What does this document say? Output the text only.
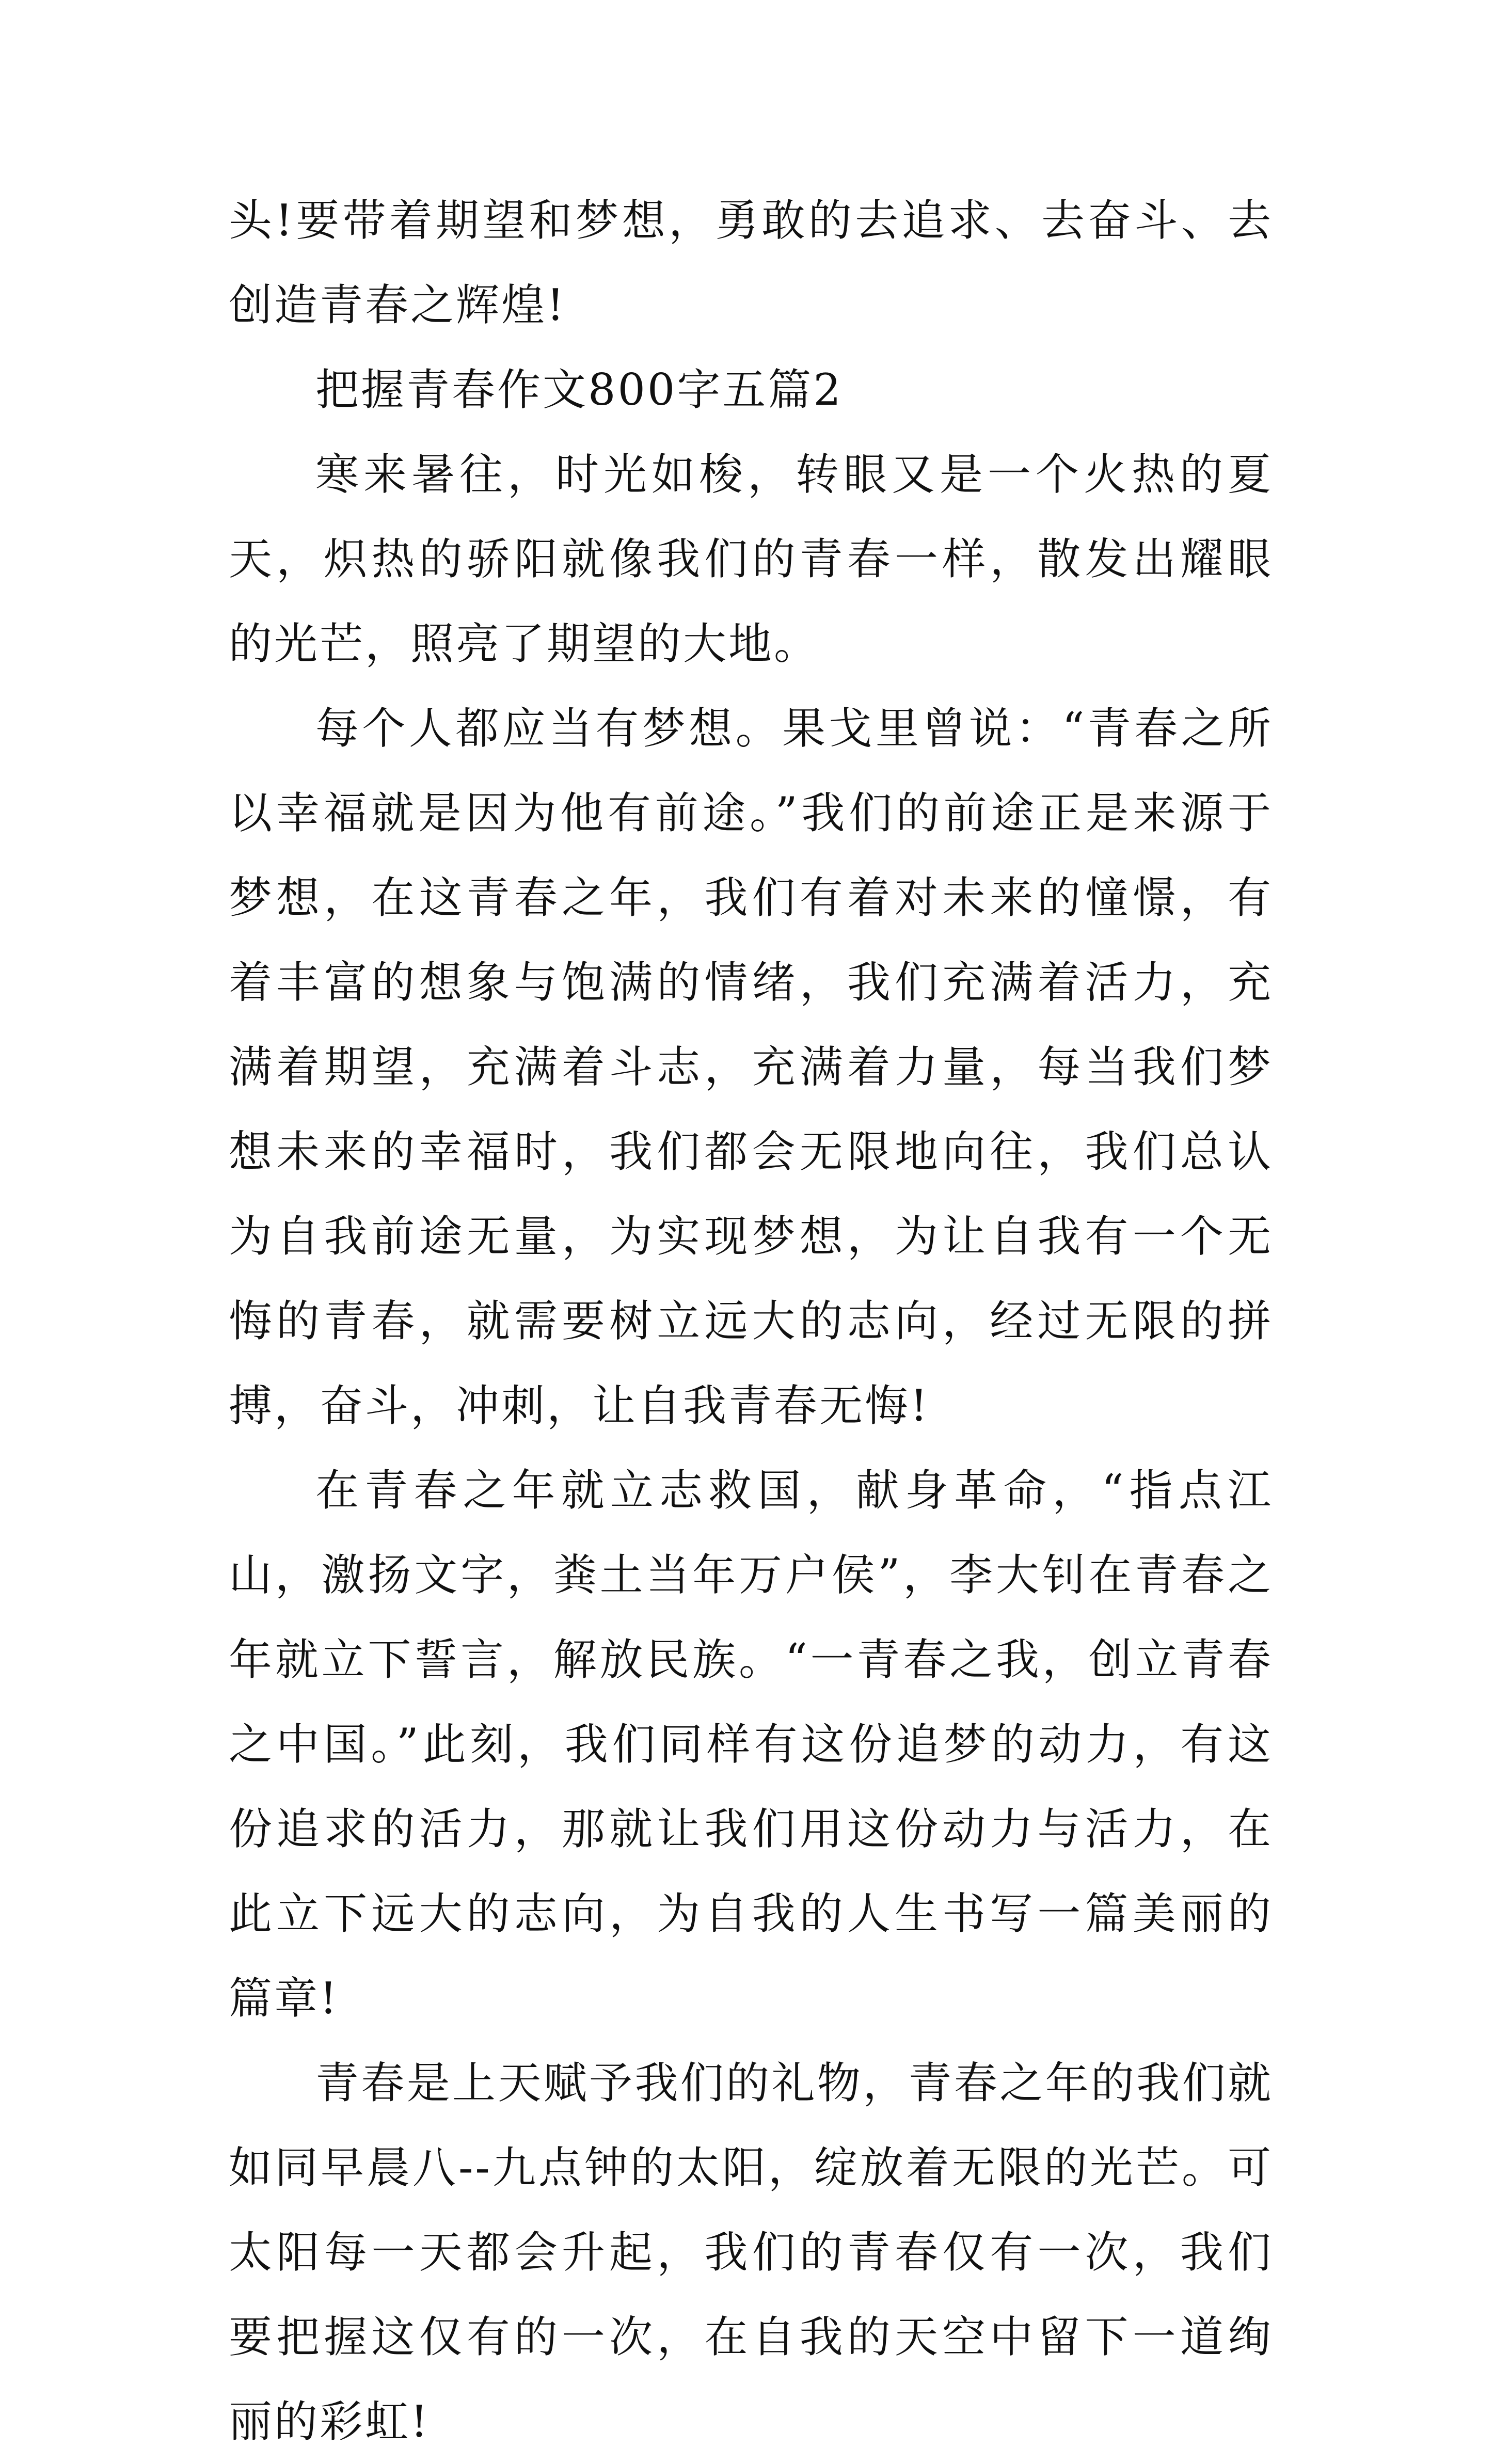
头!要带着期望和梦想，勇敢的去追求、去奋斗、去创造青春之辉煌!

把握青春作文800字五篇2

寒来暑往，时光如梭，转眼又是一个火热的夏天，炽热的骄阳就像我们的青春一样，散发出耀眼的光芒，照亮了期望的大地。

每个人都应当有梦想。果戈里曾说：“青春之所以幸福就是因为他有前途。”我们的前途正是来源于梦想，在这青春之年，我们有着对未来的憧憬，有着丰富的想象与饱满的情绪，我们充满着活力，充满着期望，充满着斗志，充满着力量，每当我们梦想未来的幸福时，我们都会无限地向往，我们总认为自我前途无量，为实现梦想，为让自我有一个无悔的青春，就需要树立远大的志向，经过无限的拼搏，奋斗，冲刺，让自我青春无悔!

在青春之年就立志救国，献身革命，“指点江山，激扬文字，粪土当年万户侯”，李大钊在青春之年就立下誓言，解放民族。“一青春之我，创立青春之中国。”此刻，我们同样有这份追梦的动力，有这份追求的活力，那就让我们用这份动力与活力，在此立下远大的志向，为自我的人生书写一篇美丽的篇章!

青春是上天赋予我们的礼物，青春之年的我们就如同早晨八--九点钟的太阳，绽放着无限的光芒。可太阳每一天都会升起，我们的青春仅有一次，我们要把握这仅有的一次，在自我的天空中留下一道绚丽的彩虹!
